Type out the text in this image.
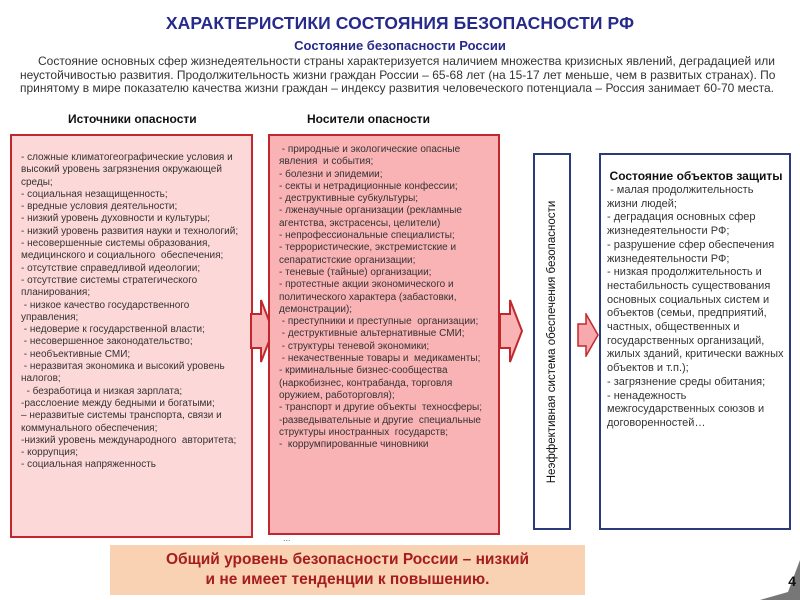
ХАРАКТЕРИСТИКИ СОСТОЯНИЯ БЕЗОПАСНОСТИ РФ
Состояние безопасности России
Состояние основных сфер жизнедеятельности страны характеризуется наличием множества кризисных явлений, деградацией или неустойчивостью развития. Продолжительность жизни граждан России – 65-68 лет (на 15-17 лет меньше, чем в развитых странах). По принятому в мире показателю качества жизни граждан – индексу развития человеческого потенциала – Россия занимает 60-70 места.
Источники опасности	Носители опасности
- сложные климатогеографические условия и высокий уровень загрязнения окружающей среды;
- социальная незащищенность;
- вредные условия деятельности;
- низкий уровень духовности и культуры;
- низкий уровень развития науки и технологий;
- несовершенные системы образования, медицинского и социального  обеспечения;
- отсутствие справедливой идеологии;
- отсутствие системы стратегического планирования;
- низкое качество государственного  управления;
- недоверие к государственной власти;
- несовершенное законодательство;
- необъективные СМИ;
- неразвитая экономика и высокий уровень  налогов;
- безработица и низкая зарплата;
-расслоение между бедными и богатыми;
– неразвитые системы транспорта, связи и  коммунального обеспечения;
-низкий уровень международного  авторитета;
- коррупция;
- социальная напряженность
- природные и экологические опасные явления  и события;
- болезни и эпидемии;
- секты и нетрадиционные конфессии;
- деструктивные субкультуры;
- лженаучные организации (рекламные агентства, экстрасенсы, целители)
- непрофессиональные специалисты;
- террористические, экстремистские и сепаратистские организации;
- теневые (тайные) организации;
- протестные акции экономического и политического характера (забастовки, демонстрации);
- преступники и преступные  организации;
- деструктивные альтернативные СМИ;
- структуры теневой экономики;
- некачественные товары и  медикаменты;
- криминальные бизнес-сообщества  (наркобизнес, контрабанда, торговля  оружием, работорговля);
- транспорт и другие объекты  техносферы;
-разведывательные и другие  специальные структуры иностранных  государств;
-  коррумпированные чиновники
...
Неэффективная система обеспечения безопасности
Состояние объектов защиты
- малая продолжительность жизни людей;
- деградация основных сфер жизнедеятельности РФ;
- разрушение сфер обеспечения жизнедеятельности РФ;
- низкая продолжительность и нестабильность существования основных социальных систем и объектов (семьи, предприятий, частных, общественных и государственных организаций, жилых зданий, критически важных объектов и т.п.);
- загрязнение среды обитания;
- ненадежность межгосударственных союзов и договоренностей…
Общий уровень безопасности России – низкий
и не имеет тенденции к повышению.	4
